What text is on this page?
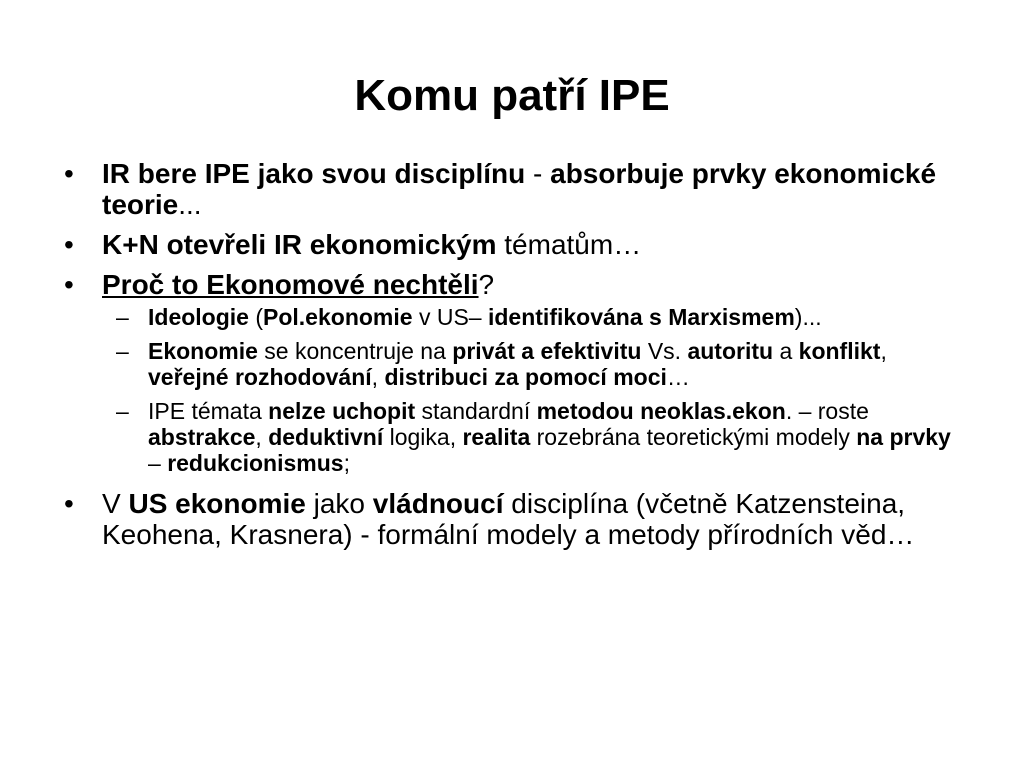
Komu patří IPE
•	IR bere IPE jako svou disciplínu - absorbuje prvky ekonomické teorie...
•	K+N otevřeli IR ekonomickým tématům…
•	Proč to Ekonomové nechtěli?
– Ideologie (Pol.ekonomie v US– identifikována s Marxismem)...
– Ekonomie se koncentruje na privát a efektivitu Vs. autoritu a konflikt, veřejné rozhodování, distribuci za pomocí moci…
– IPE témata nelze uchopit standardní metodou neoklas.ekon. – roste abstrakce, deduktivní logika, realita rozebrána teoretickými modely na prvky – redukcionismus;
•	V US ekonomie jako vládnoucí disciplína (včetně Katzensteina, Keohena, Krasnera) - formální modely a metody přírodních věd…
